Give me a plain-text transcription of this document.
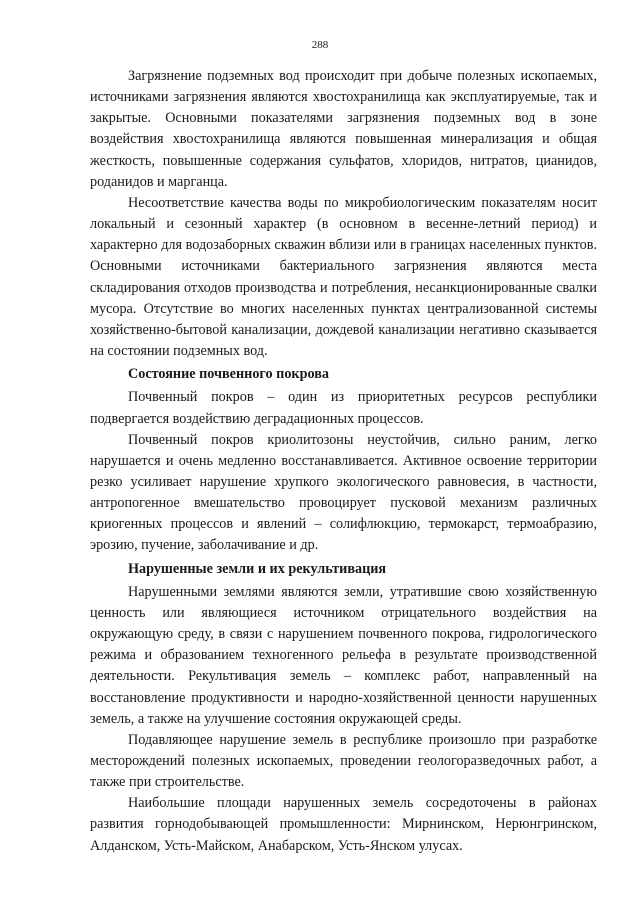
288

Загрязнение подземных вод происходит при добыче полезных ископаемых, источниками загрязнения являются хвостохранилища как эксплуатируемые, так и закрытые. Основными показателями загрязнения подземных вод в зоне воздействия хвостохранилища являются повышенная минерализация и общая жесткость, повышенные содержания сульфатов, хлоридов, нитратов, цианидов, роданидов и марганца.

Несоответствие качества воды по микробиологическим показателям носит локальный и сезонный характер (в основном в весенне-летний период) и характерно для водозаборных скважин вблизи или в границах населенных пунктов. Основными источниками бактериального загрязнения являются места складирования отходов производства и потребления, несанкционированные свалки мусора. Отсутствие во многих населенных пунктах централизованной системы хозяйственно-бытовой канализации, дождевой канализации негативно сказывается на состоянии подземных вод.

Состояние почвенного покрова

Почвенный покров – один из приоритетных ресурсов республики подвергается воздействию деградационных процессов.

Почвенный покров криолитозоны неустойчив, сильно раним, легко нарушается и очень медленно восстанавливается. Активное освоение территории резко усиливает нарушение хрупкого экологического равновесия, в частности, антропогенное вмешательство провоцирует пусковой механизм различных криогенных процессов и явлений – солифлюкцию, термокарст, термоабразию, эрозию, пучение, заболачивание и др.

Нарушенные земли и их рекультивация

Нарушенными землями являются земли, утратившие свою хозяйственную ценность или являющиеся источником отрицательного воздействия на окружающую среду, в связи с нарушением почвенного покрова, гидрологического режима и образованием техногенного рельефа в результате производственной деятельности. Рекультивация земель – комплекс работ, направленный на восстановление продуктивности и народно-хозяйственной ценности нарушенных земель, а также на улучшение состояния окружающей среды.

Подавляющее нарушение земель в республике произошло при разработке месторождений полезных ископаемых, проведении геологоразведочных работ, а также при строительстве.

Наибольшие площади нарушенных земель сосредоточены в районах развития горнодобывающей промышленности: Мирнинском, Нерюнгринском, Алданском, Усть-Майском, Анабарском, Усть-Янском улусах.
